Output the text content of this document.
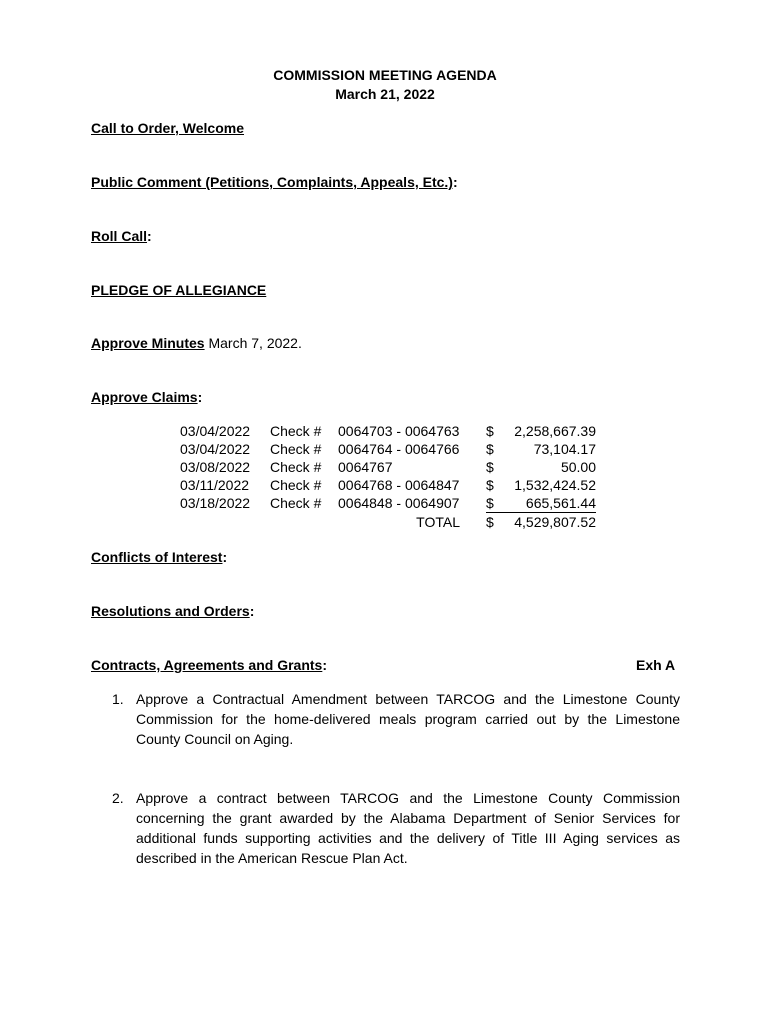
COMMISSION MEETING AGENDA
March 21, 2022
Call to Order, Welcome
Public Comment (Petitions, Complaints, Appeals, Etc.):
Roll Call:
PLEDGE OF ALLEGIANCE
Approve Minutes March 7, 2022.
Approve Claims:
03/04/2022	Check #	0064703 - 0064763	$	2,258,667.39
03/04/2022	Check #	0064764 - 0064766	$	73,104.17
03/08/2022	Check #	0064767	$	50.00
03/11/2022	Check #	0064768 - 0064847	$	1,532,424.52
03/18/2022	Check #	0064848 - 0064907	$	665,561.44
		TOTAL	$	4,529,807.52
Conflicts of Interest:
Resolutions and Orders:
Contracts, Agreements and Grants:	Exh A
1. Approve a Contractual Amendment between TARCOG and the Limestone County Commission for the home-delivered meals program carried out by the Limestone County Council on Aging.
2. Approve a contract between TARCOG and the Limestone County Commission concerning the grant awarded by the Alabama Department of Senior Services for additional funds supporting activities and the delivery of Title III Aging services as described in the American Rescue Plan Act.
